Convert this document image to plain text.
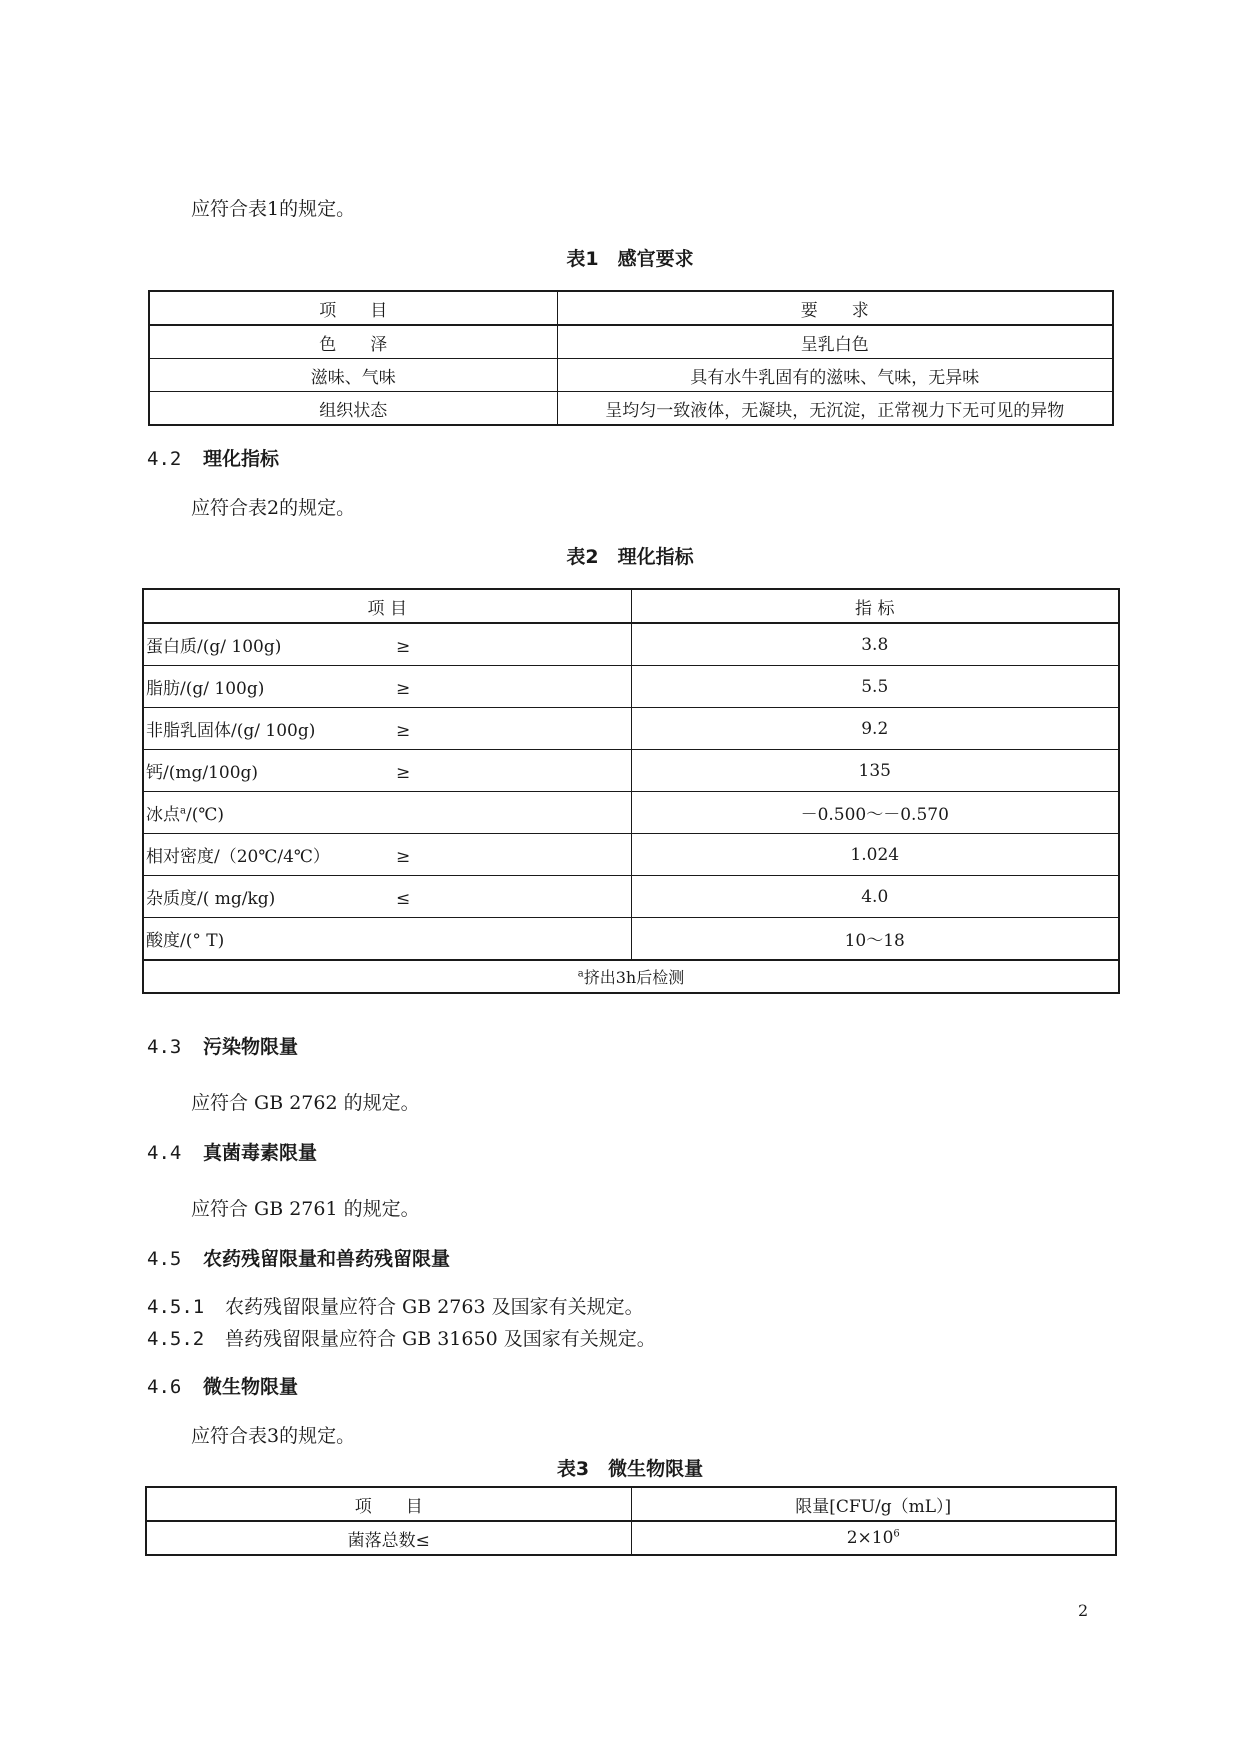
应符合表1的规定。
表1　感官要求
项　　目	要　　求
色　　泽	呈乳白色
滋味、气味	具有水牛乳固有的滋味、气味，无异味
组织状态	呈均匀一致液体，无凝块，无沉淀，正常视力下无可见的异物
4.2 理化指标
应符合表2的规定。
表2　理化指标
项 目	指 标
蛋白质/(g/ 100g) ≥	3.8
脂肪/(g/ 100g) ≥	5.5
非脂乳固体/(g/ 100g) ≥	9.2
钙/(mg/100g) ≥	135
冰点$^a$/(℃)	－0.500～－0.570
相对密度/（20℃/4℃） ≥	1.024
杂质度/( mg/kg) ≤	4.0
酸度/(° T)	10～18
$^a$挤出3h后检测	
4.3 污染物限量
应符合 GB 2762 的规定。
4.4 真菌毒素限量
应符合 GB 2761 的规定。
4.5 农药残留限量和兽药残留限量
4.5.1 农药残留限量应符合 GB 2763 及国家有关规定。
4.5.2 兽药残留限量应符合 GB 31650 及国家有关规定。
4.6 微生物限量
应符合表3的规定。
表3　微生物限量
项　　目	限量[CFU/g（mL）]
菌落总数≤	$2\times 10^6$
2
